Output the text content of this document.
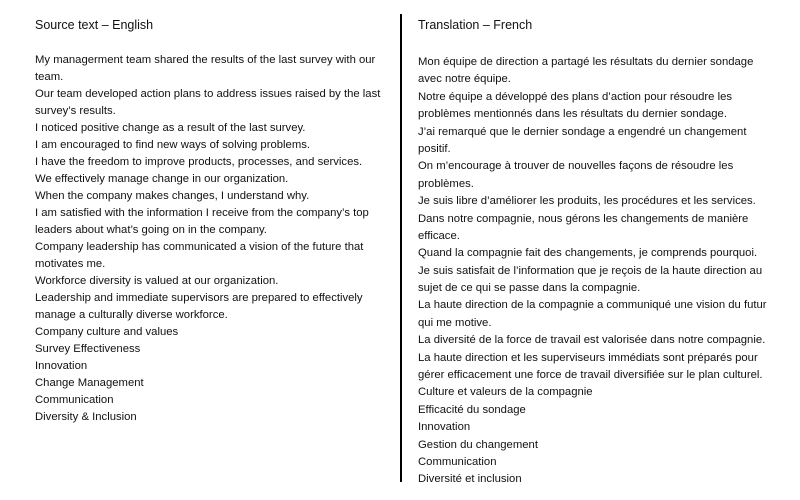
Source text – English
My managerment team shared the results of the last survey with our
team.
Our team developed action plans to address issues raised by the last
survey’s results.
I noticed positive change as a result of the last survey.
I am encouraged to find new ways of solving problems.
I have the freedom to improve products, processes, and services.
We effectively manage change in our organization.
When the company makes changes, I understand why.
I am satisfied with the information I receive from the company’s top
leaders about what’s going on in the company.
Company leadership has communicated a vision of the future that
motivates me.
Workforce diversity is valued at our organization.
Leadership and immediate supervisors are prepared to effectively
manage a culturally diverse workforce.
Company culture and values
Survey Effectiveness
Innovation
Change Management
Communication
Diversity & Inclusion
Translation – French
Mon équipe de direction a partagé les résultats du dernier sondage
avec notre équipe.
Notre équipe a développé des plans d’action pour résoudre les
problèmes mentionnés dans les résultats du dernier sondage.
J’ai remarqué que le dernier sondage a engendré un changement
positif.
On m’encourage à trouver de nouvelles façons de résoudre les
problèmes.
Je suis libre d’améliorer les produits, les procédures et les services.
Dans notre compagnie, nous gérons les changements de manière
efficace.
Quand la compagnie fait des changements, je comprends pourquoi.
Je suis satisfait de l’information que je reçois de la haute direction au
sujet de ce qui se passe dans la compagnie.
La haute direction de la compagnie a communiqué une vision du futur
qui me motive.
La diversité de la force de travail est valorisée dans notre compagnie.
La haute direction et les superviseurs immédiats sont préparés pour
gérer efficacement une force de travail diversifiée sur le plan culturel.
Culture et valeurs de la compagnie
Efficacité du sondage
Innovation
Gestion du changement
Communication
Diversité et inclusion
